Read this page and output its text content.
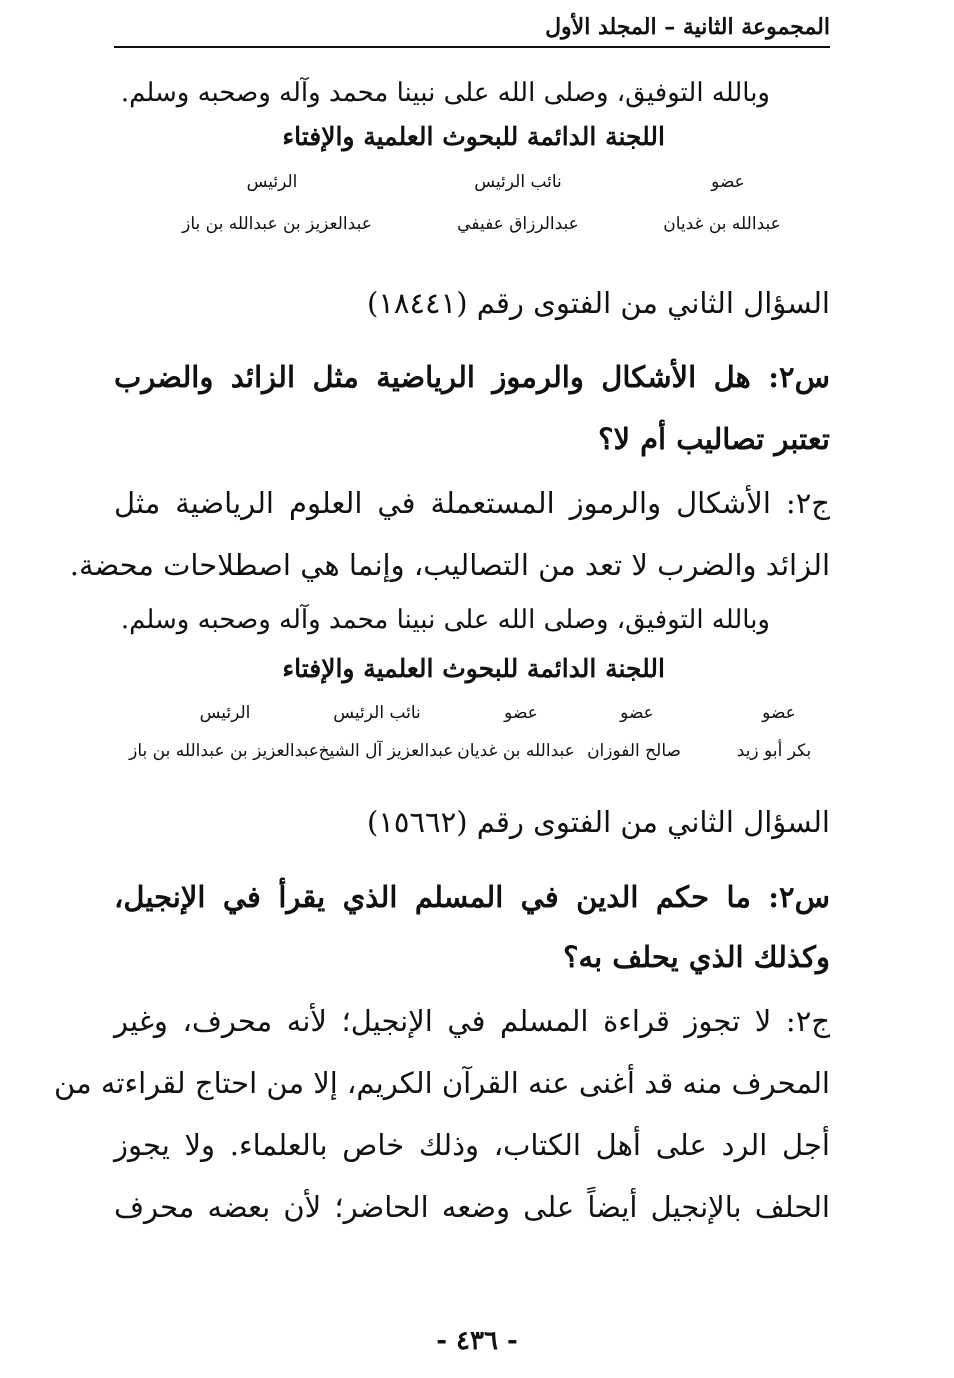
المجموعة الثانية – المجلد الأول
وبالله التوفيق، وصلى الله على نبينا محمد وآله وصحبه وسلم.
اللجنة الدائمة للبحوث العلمية والإفتاء
الرئيس
عبدالعزيز بن عبدالله بن باز
نائب الرئيس
عبدالرزاق عفيفي
عضو
عبدالله بن غديان
السؤال الثاني من الفتوى رقم (١٨٤٤١)
س٢: هل الأشكال والرموز الرياضية مثل الزائد والضرب
تعتبر تصاليب أم لا؟
ج٢: الأشكال والرموز المستعملة في العلوم الرياضية مثل
الزائد والضرب لا تعد من التصاليب، وإنما هي اصطلاحات محضة.
وبالله التوفيق، وصلى الله على نبينا محمد وآله وصحبه وسلم.
اللجنة الدائمة للبحوث العلمية والإفتاء
الرئيس
عبدالعزيز بن عبدالله بن باز
نائب الرئيس
عبدالعزيز آل الشيخ
عضو
عبدالله بن غديان
عضو
صالح الفوزان
عضو
بكر أبو زيد
السؤال الثاني من الفتوى رقم (١٥٦٦٢)
س٢: ما حكم الدين في المسلم الذي يقرأ في الإنجيل،
وكذلك الذي يحلف به؟
ج٢: لا تجوز قراءة المسلم في الإنجيل؛ لأنه محرف، وغير
المحرف منه قد أغنى عنه القرآن الكريم، إلا من احتاج لقراءته من
أجل الرد على أهل الكتاب، وذلك خاص بالعلماء. ولا يجوز
الحلف بالإنجيل أيضاً على وضعه الحاضر؛ لأن بعضه محرف
- ٤٣٦ -
